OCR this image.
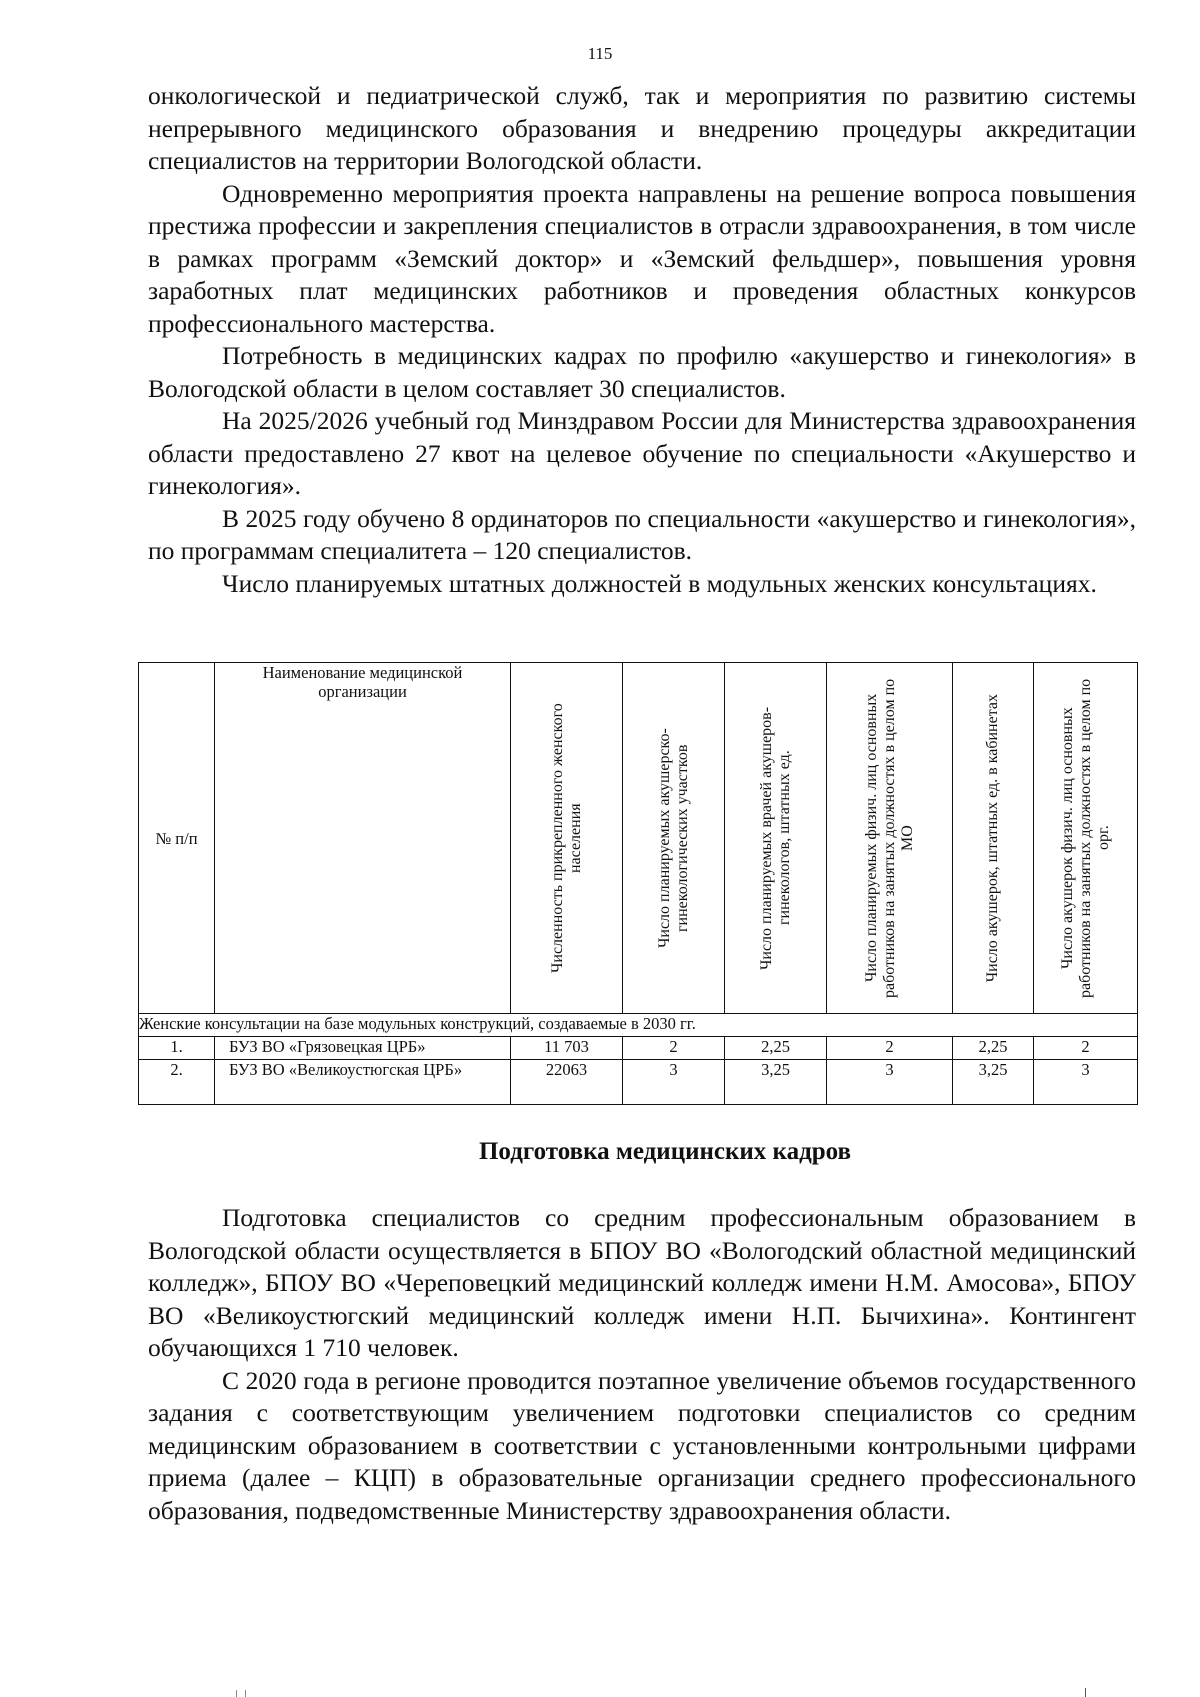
115

онкологической и педиатрической служб, так и мероприятия по развитию системы непрерывного медицинского образования и внедрению процедуры аккредитации специалистов на территории Вологодской области.

Одновременно мероприятия проекта направлены на решение вопроса повышения престижа профессии и закрепления специалистов в отрасли здравоохранения, в том числе в рамках программ «Земский доктор» и «Земский фельдшер», повышения уровня заработных плат медицинских работников и проведения областных конкурсов профессионального мастерства.

Потребность в медицинских кадрах по профилю «акушерство и гинекология» в Вологодской области в целом составляет 30 специалистов.

На 2025/2026 учебный год Минздравом России для Министерства здравоохранения области предоставлено 27 квот на целевое обучение по специальности «Акушерство и гинекология».

В 2025 году обучено 8 ординаторов по специальности «акушерство и гинекология», по программам специалитета – 120 специалистов.

Число планируемых штатных должностей в модульных женских консультациях.

№ п/п	Наименование медицинской организации	Численность прикрепленного женского населения	Число планируемых акушерско-гинекологических участков	Число планируемых врачей акушеров-гинекологов, штатных ед.	Число планируемых физич. лиц основных работников на занятых должностях в целом по МО	Число акушерок, штатных ед. в кабинетах	Число акушерок физич. лиц основных работников на занятых должностях в целом по орг.

Женские консультации на базе модульных конструкций, создаваемые в 2030 гг.							
1.	БУЗ ВО «Грязовецкая ЦРБ»	11 703	2	2,25	2	2,25	2
2.	БУЗ ВО «Великоустюгская ЦРБ»	22063	3	3,25	3	3,25	3
Подготовка медицинских кадров

Подготовка специалистов со средним профессиональным образованием в Вологодской области осуществляется в БПОУ ВО «Вологодский областной медицинский колледж», БПОУ ВО «Череповецкий медицинский колледж имени Н.М. Амосова», БПОУ ВО «Великоустюгский медицинский колледж имени Н.П. Бычихина». Контингент обучающихся 1 710 человек.

С 2020 года в регионе проводится поэтапное увеличение объемов государственного задания с соответствующим увеличением подготовки специалистов со средним медицинским образованием в соответствии с установленными контрольными цифрами приема (далее – КЦП) в образовательные организации среднего профессионального образования, подведомственные Министерству здравоохранения области.
